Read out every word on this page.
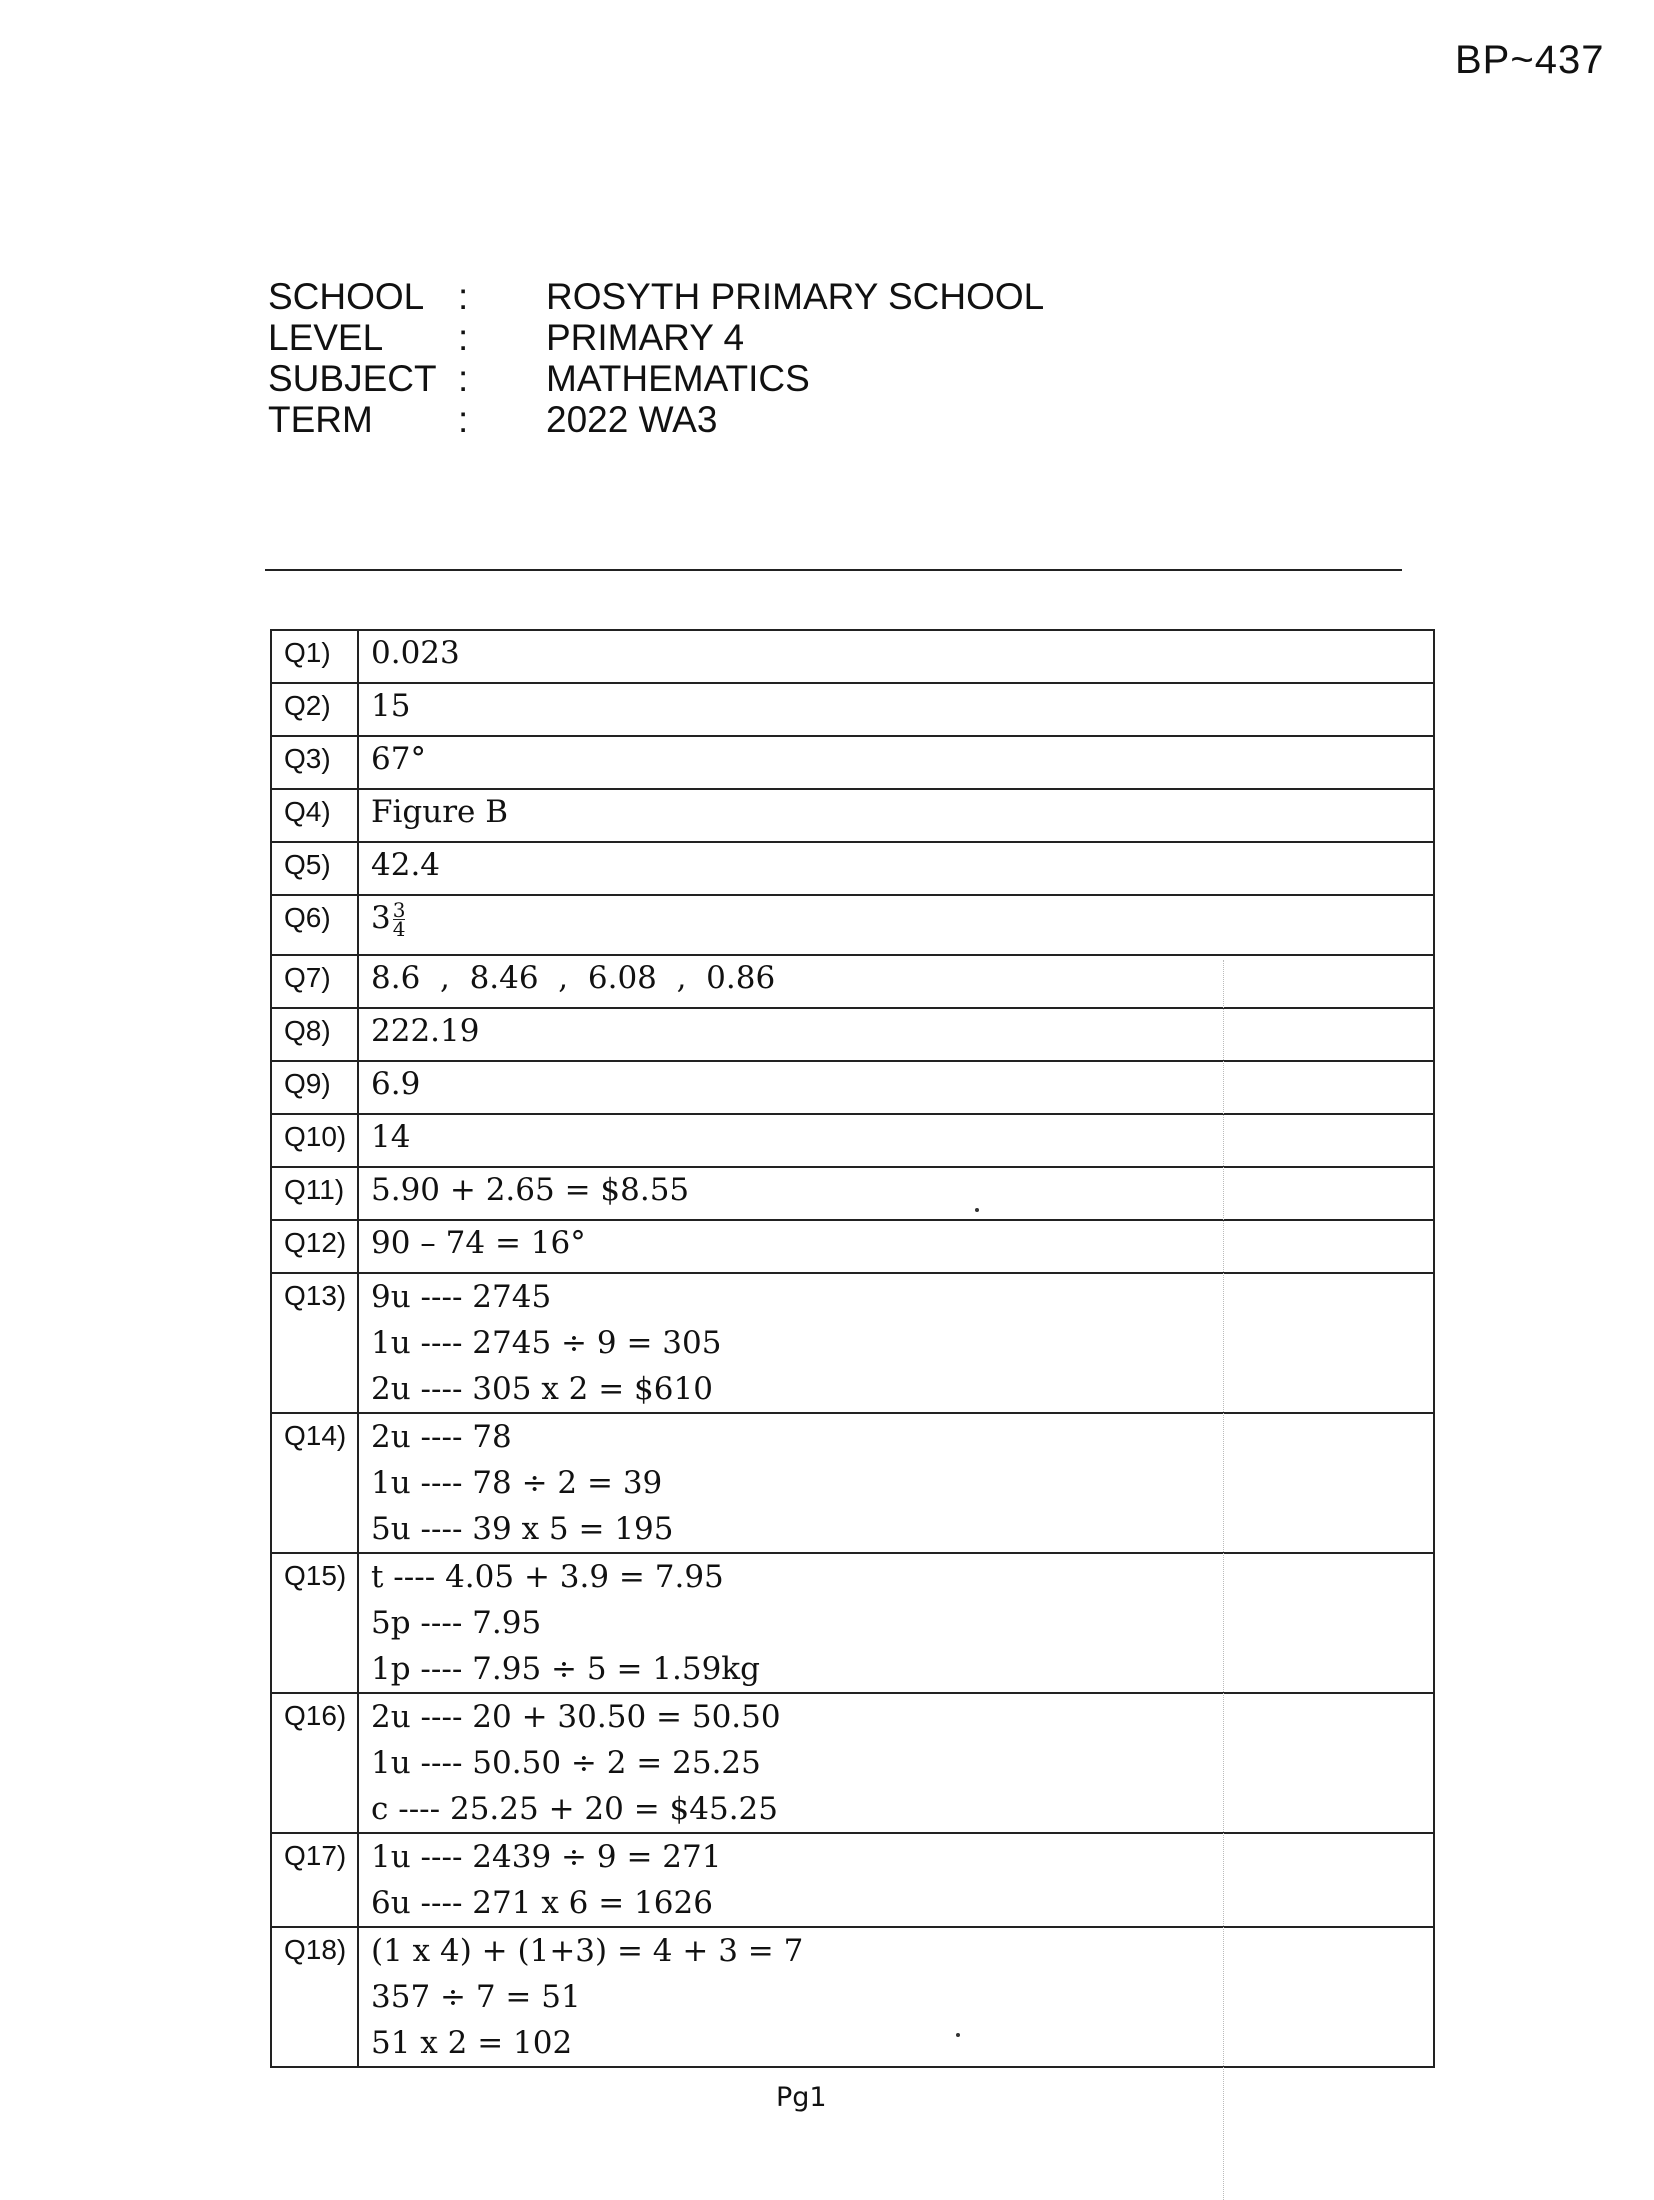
BP~437
SCHOOL :	ROSYTH PRIMARY SCHOOL
LEVEL	:	PRIMARY 4
SUBJECT :	MATHEMATICS
TERM	:	2022 WA3
Q1)	0.023

Q2)	15

Q3)	67°

Q4)	Figure B

Q5)	42.4

Q6)	$3 \frac{3}{4}$

Q7)	8.6  ,  8.46  ,  6.08  ,  0.86

Q8)	222.19

Q9)	6.9

Q10)	14

Q11)	5.90 + 2.65 = $8.55

Q12)	90 – 74 = 16°

Q13)	9u ---- 2745
1u ---- 2745 ÷ 9 = 305
2u ---- 305 x 2 = $610

Q14)	2u ---- 78
1u ---- 78 ÷ 2 = 39
5u ---- 39 x 5 = 195

Q15)	t ---- 4.05 + 3.9 = 7.95
5p ---- 7.95
1p ---- 7.95 ÷ 5 = 1.59kg

Q16)	2u ---- 20 + 30.50 = 50.50
1u ---- 50.50 ÷ 2 = 25.25
c ---- 25.25 + 20 = $45.25

Q17)	1u ---- 2439 ÷ 9 = 271
6u ---- 271 x 6 = 1626

Q18)	(1 x 4) + (1+3) = 4 + 3 = 7
357 ÷ 7 = 51
51 x 2 = 102
Pg1
